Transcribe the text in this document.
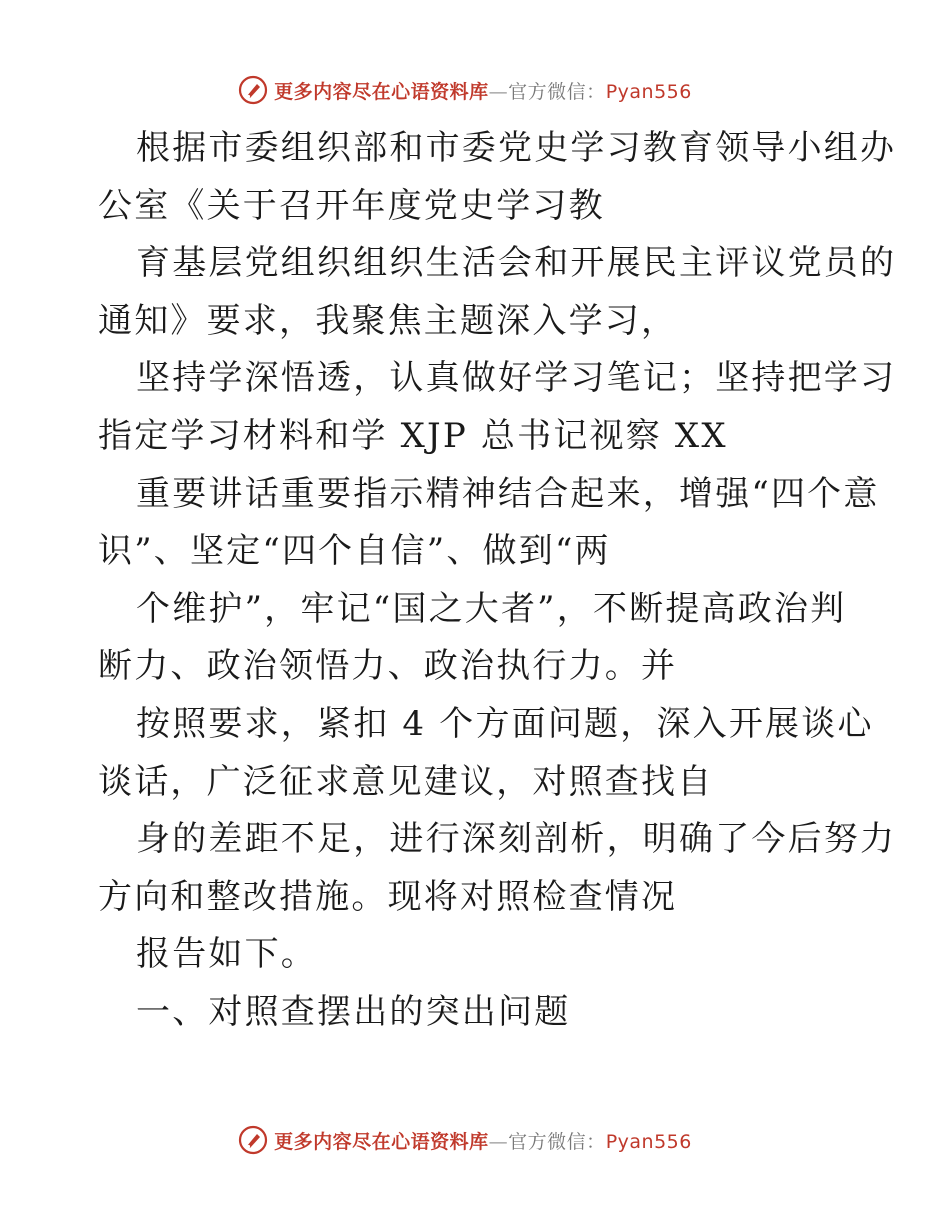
更多内容尽在心语资料库—官方微信：Pyan556
根据市委组织部和市委党史学习教育领导小组办
公室《关于召开年度党史学习教
育基层党组织组织生活会和开展民主评议党员的
通知》要求，我聚焦主题深入学习，
坚持学深悟透，认真做好学习笔记；坚持把学习
指定学习材料和学 XJP 总书记视察 XX
重要讲话重要指示精神结合起来，增强“四个意
识”、坚定“四个自信”、做到“两
个维护”，牢记“国之大者”，不断提高政治判
断力、政治领悟力、政治执行力。并
按照要求，紧扣 4 个方面问题，深入开展谈心
谈话，广泛征求意见建议，对照查找自
身的差距不足，进行深刻剖析，明确了今后努力
方向和整改措施。现将对照检查情况
报告如下。
一、对照查摆出的突出问题
更多内容尽在心语资料库—官方微信：Pyan556
